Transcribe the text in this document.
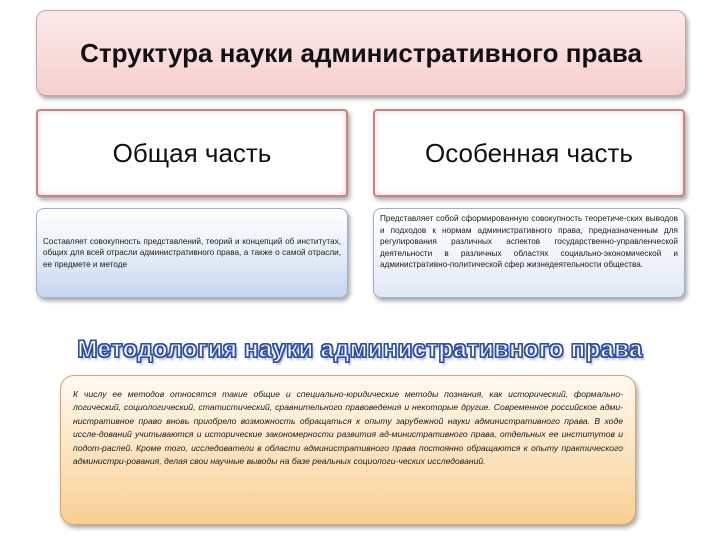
Структура науки административного права
Общая часть	Особенная часть

Составляет совокупность представлений, теорий и концепций об институтах, общих для всей отрасли административного права, а также о самой отрасли, ее предмете и методе

Представляет собой сформированную совокупность теоретиче-ских выводов и подходов к нормам административного права, предназначенным для регулирования различных аспектов государственно-управленческой деятельности в различных областях социально-экономической и административно-политической сфер жизнедеятельности общества.

Методология науки административного права

К числу ее методов относятся такие общие и специально-юридические методы познания, как исторический, формально-логический, социологический, статистический, сравнительного правоведения и некоторые другие. Современное российское адми-нистративное право вновь приобрело возможность обращаться к опыту зарубежной науки административного права. В ходе иссле-дований учитываются и исторические закономерности развития ад-министративного права, отдельных ее институтов и подот-раслей. Кроме того, исследователи в области административного права постоянно обращаются к опыту практического администри-рования, делая свои научные выводы на базе реальных социологи-ческих исследований.
